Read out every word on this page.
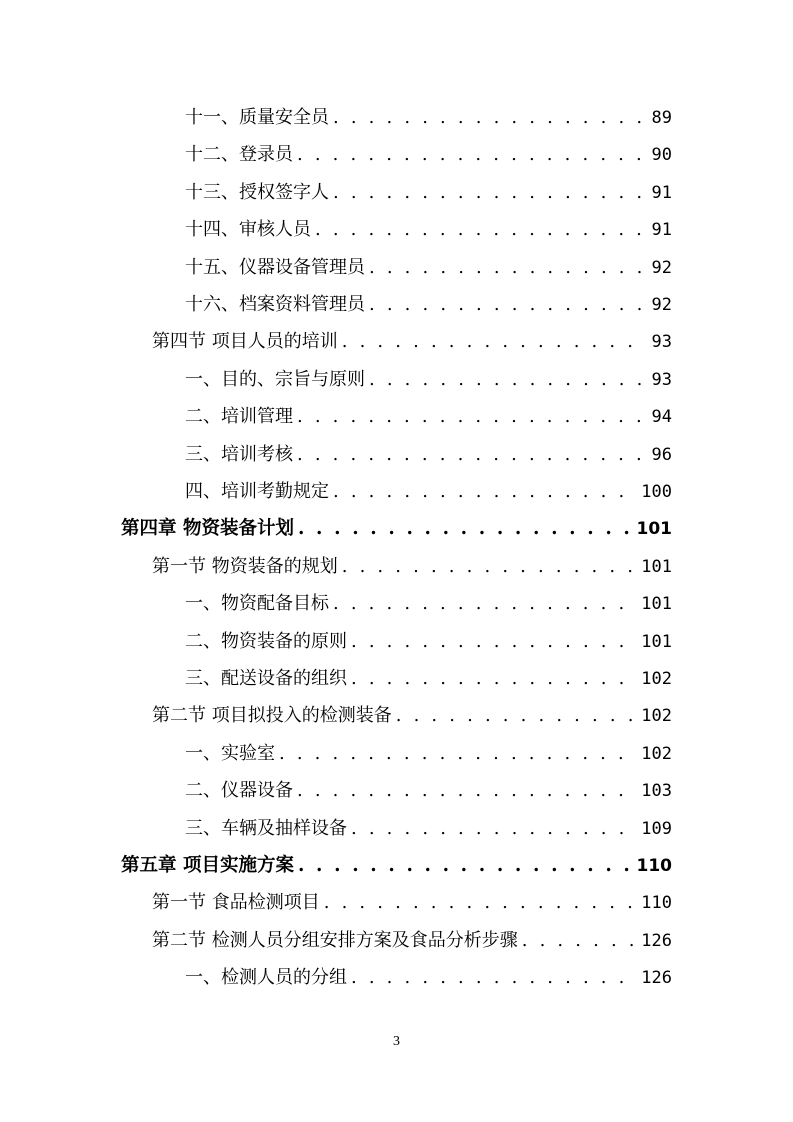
十一、质量安全员 . . .	89
十二、登录员 . . .	90
十三、授权签字人 . . .	91
十四、审核人员 . . .	91
十五、仪器设备管理员 . . .	92
十六、档案资料管理员 . . .	92
第四节 项目人员的培训 . . .	93
一、目的、宗旨与原则 . . .	93
二、培训管理 . . .	94
三、培训考核 . . .	96
四、培训考勤规定 . . .	100
第四章 物资装备计划 . . .	101
第一节 物资装备的规划 . . .	101
一、物资配备目标 . . .	101
二、物资装备的原则 . . .	101
三、配送设备的组织 . . .	102
第二节 项目拟投入的检测装备 . . .	102
一、实验室 . . .	102
二、仪器设备 . . .	103
三、车辆及抽样设备 . . .	109
第五章 项目实施方案 . . .	110
第一节 食品检测项目 . . .	110
第二节 检测人员分组安排方案及食品分析步骤 . . .	126
一、检测人员的分组 . . .	126
3
